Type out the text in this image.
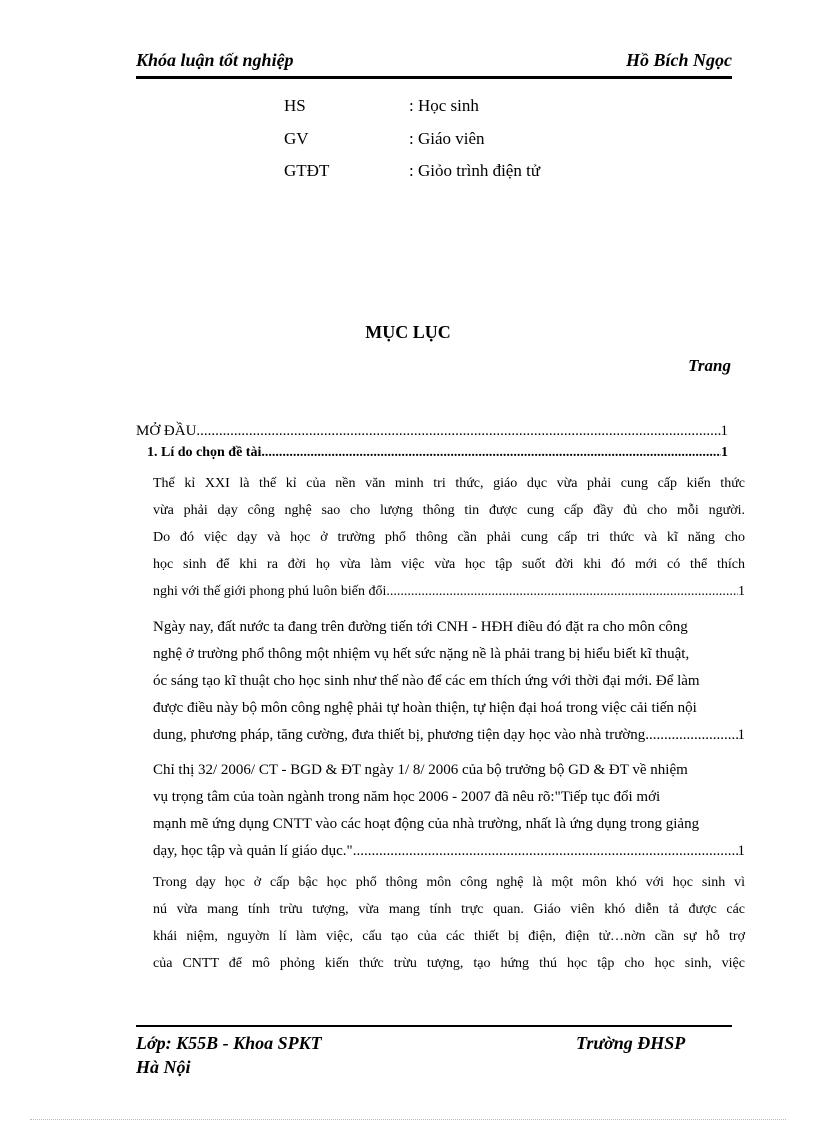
Khóa luận tốt nghiệp	Hồ Bích Ngọc
HS	: Học sinh
GV	: Giáo viên
GTĐT	: Giỏo trình điện tử
MỤC LỤC
Trang
MỞ ĐẦU .....	1
1. Lí do chọn đề tài .....	1
Thế kỉ XXI là thế kỉ của nền văn minh tri thức, giáo dục vừa phải cung cấp kiến thức
vừa phải dạy công nghệ sao cho lượng thông tin được cung cấp đầy đủ cho mỗi người.
Do đó việc dạy và học ở trường phổ thông cần phải cung cấp tri thức và kĩ năng cho
học sinh để khi ra đời họ vừa làm việc vừa học tập suốt đời khi đó mới có thể thích
nghi với thế giới phong phú luôn biến đổi. .....	1
Ngày nay, đất nước ta đang trên đường tiến tới CNH - HĐH điều đó đặt ra cho môn công
nghệ ở trường phổ thông một nhiệm vụ hết sức nặng nề là phải trang bị hiểu biết kĩ thuật,
óc sáng tạo kĩ thuật cho học sinh như thế nào để các em thích ứng với thời đại mới. Để làm
được điều này bộ môn công nghệ phải tự hoàn thiện, tự hiện đại hoá trong việc cải tiến nội
dung, phương pháp, tăng cường, đưa thiết bị, phương tiện dạy học vào nhà trường. .....	1
Chỉ thị 32/ 2006/ CT - BGD & ĐT ngày 1/ 8/ 2006 của bộ trưởng bộ GD & ĐT về nhiệm
vụ trọng tâm của toàn ngành trong năm học 2006 - 2007 đã nêu rõ:"Tiếp tục đổi mới
mạnh mẽ ứng dụng CNTT vào các hoạt động của nhà trường, nhất là ứng dụng trong giảng
dạy, học tập và quản lí giáo dục." .....	1
Trong dạy học ở cấp bậc học phổ thông môn công nghệ là một môn khó với học sinh vì
nú vừa mang tính trừu tượng, vừa mang tính trực quan. Giáo viên khó diễn tả được các
khái niệm, nguyờn lí làm việc, cấu tạo của các thiết bị điện, điện tử…nờn cần sự hỗ trợ
của CNTT để mô phỏng kiến thức trừu tượng, tạo hứng thú học tập cho học sinh, việc
Lớp: K55B - Khoa SPKT	Trường ĐHSP
Hà Nội
